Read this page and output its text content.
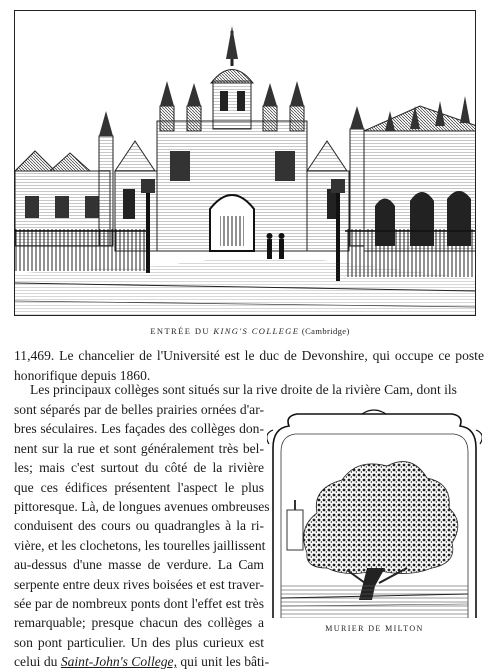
ENTRÉE DU KING'S COLLEGE (Cambridge)

11,469. Le chancelier de l'Université est le duc de Devonshire, qui occupe ce poste honorifique depuis 1860.

Les principaux collèges sont situés sur la rive droite de la rivière Cam, dont ils

sont séparés par de belles prairies ornées d'ar-
bres séculaires. Les façades des collèges don-
nent sur la rue et sont généralement très bel-
les; mais c'est surtout du côté de la rivière
que ces édifices présentent l'aspect le plus
pittoresque. Là, de longues avenues ombreuses
conduisent des cours ou quadrangles à la ri-
vière, et les clochetons, les tourelles jaillissent
au-dessus d'une masse de verdure. La Cam
serpente entre deux rives boisées et est traver-
sée par de nombreux ponts dont l'effet est très
remarquable; presque chacun des collèges a
son pont particulier. Un des plus curieux est
celui du Saint-John's College, qui unit les bâti-
MURIER DE MILTON
